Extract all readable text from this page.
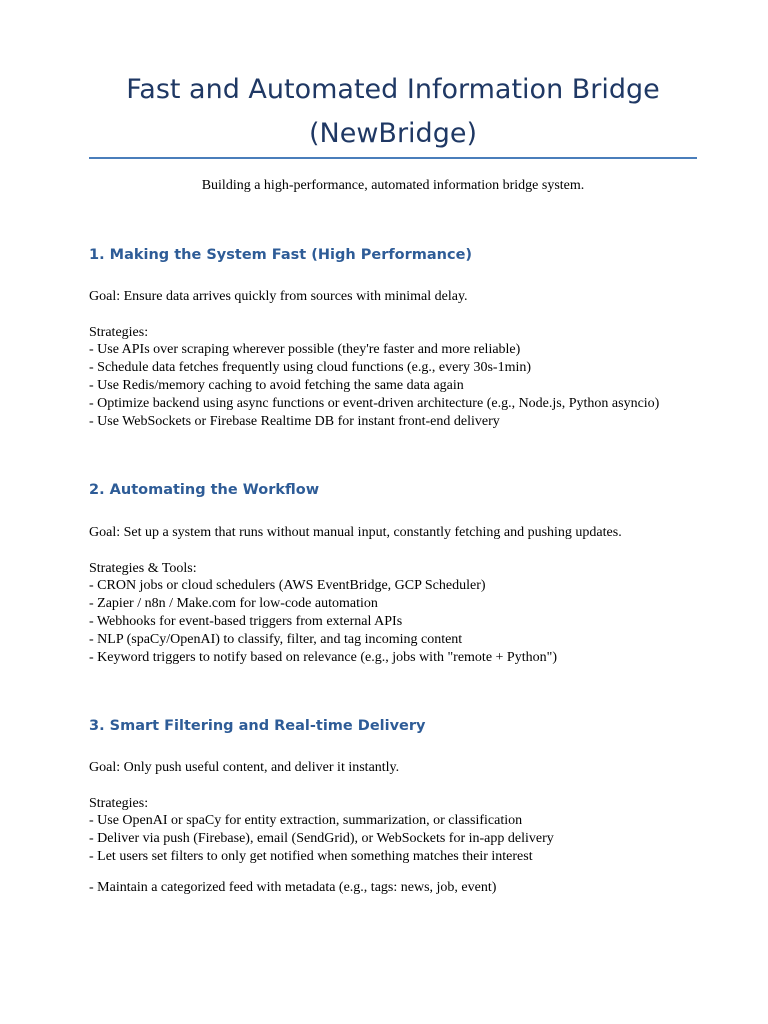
Fast and Automated Information Bridge
(NewBridge)
Building a high-performance, automated information bridge system.
1. Making the System Fast (High Performance)
Goal: Ensure data arrives quickly from sources with minimal delay.
Strategies:
- Use APIs over scraping wherever possible (they're faster and more reliable)
- Schedule data fetches frequently using cloud functions (e.g., every 30s-1min)
- Use Redis/memory caching to avoid fetching the same data again
- Optimize backend using async functions or event-driven architecture (e.g., Node.js, Python asyncio)
- Use WebSockets or Firebase Realtime DB for instant front-end delivery
2. Automating the Workflow
Goal: Set up a system that runs without manual input, constantly fetching and pushing updates.
Strategies & Tools:
- CRON jobs or cloud schedulers (AWS EventBridge, GCP Scheduler)
- Zapier / n8n / Make.com for low-code automation
- Webhooks for event-based triggers from external APIs
- NLP (spaCy/OpenAI) to classify, filter, and tag incoming content
- Keyword triggers to notify based on relevance (e.g., jobs with "remote + Python")
3. Smart Filtering and Real-time Delivery
Goal: Only push useful content, and deliver it instantly.
Strategies:
- Use OpenAI or spaCy for entity extraction, summarization, or classification
- Deliver via push (Firebase), email (SendGrid), or WebSockets for in-app delivery
- Let users set filters to only get notified when something matches their interest
- Maintain a categorized feed with metadata (e.g., tags: news, job, event)
